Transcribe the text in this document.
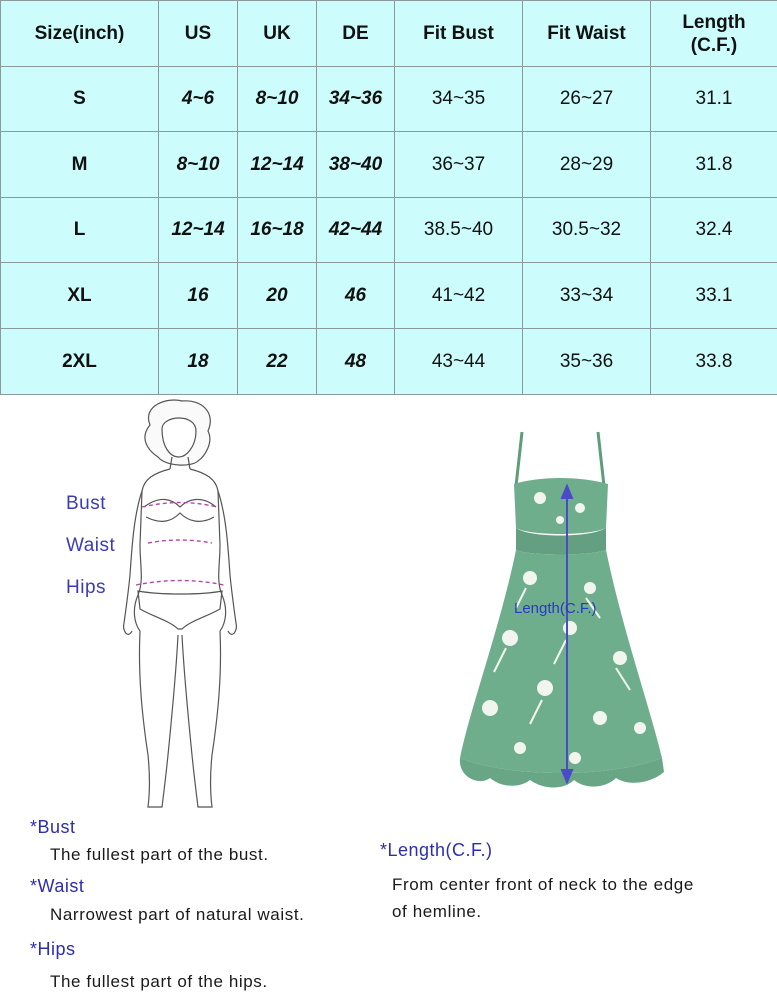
Size(inch)	US	UK	DE	Fit Bust	Fit Waist	Length (C.F.)
S	4~6	8~10	34~36	34~35	26~27	31.1
M	8~10	12~14	38~40	36~37	28~29	31.8
L	12~14	16~18	42~44	38.5~40	30.5~32	32.4
XL	16	20	46	41~42	33~34	33.1
2XL	18	22	48	43~44	35~36	33.8
Bust
Waist
Hips
Length(C.F.)
*Bust
The fullest part of the bust.
*Waist
Narrowest part of natural waist.
*Hips
The fullest part of the hips.
*Length(C.F.)
From center front of neck to the edge
of hemline.
